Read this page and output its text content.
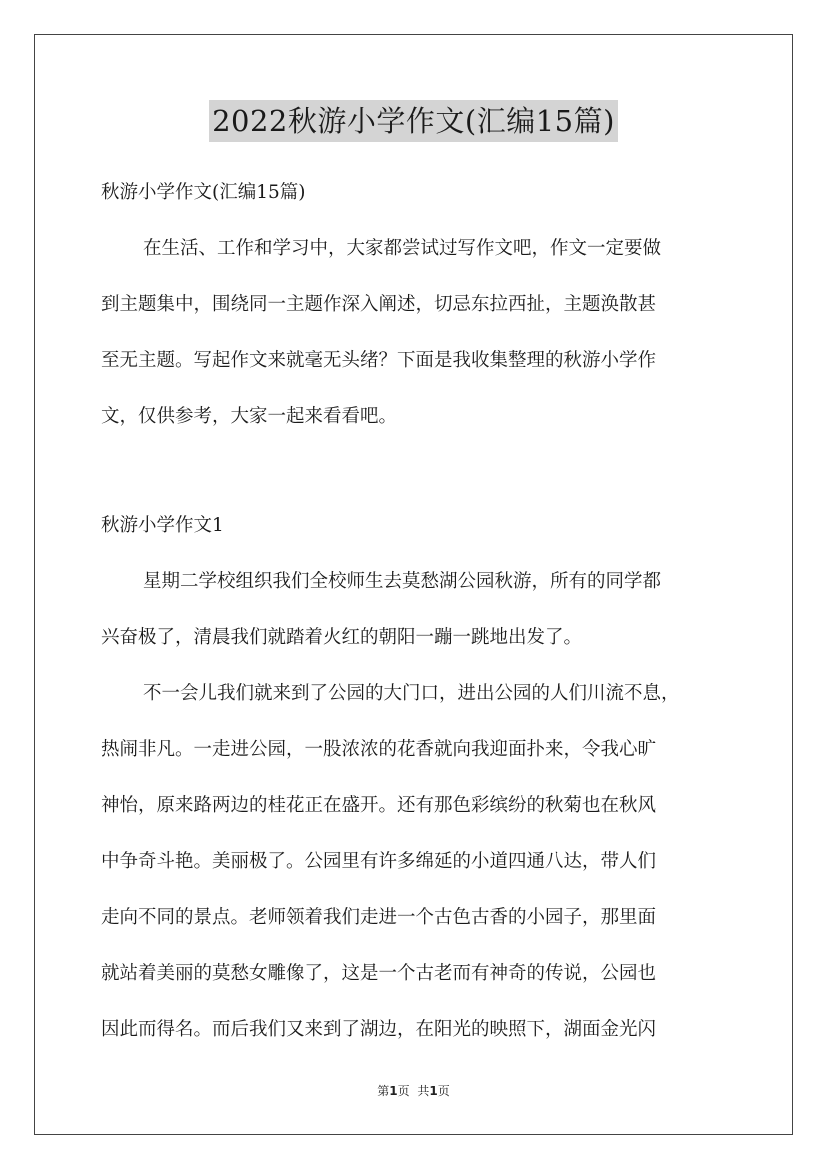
2022秋游小学作文(汇编15篇)
秋游小学作文(汇编15篇)
在生活、工作和学习中，大家都尝试过写作文吧，作文一定要做
到主题集中，围绕同一主题作深入阐述，切忌东拉西扯，主题涣散甚
至无主题。写起作文来就毫无头绪？下面是我收集整理的秋游小学作
文，仅供参考，大家一起来看看吧。
秋游小学作文1
星期二学校组织我们全校师生去莫愁湖公园秋游，所有的同学都
兴奋极了，清晨我们就踏着火红的朝阳一蹦一跳地出发了。
不一会儿我们就来到了公园的大门口，进出公园的人们川流不息，
热闹非凡。一走进公园，一股浓浓的花香就向我迎面扑来，令我心旷
神怡，原来路两边的桂花正在盛开。还有那色彩缤纷的秋菊也在秋风
中争奇斗艳。美丽极了。公园里有许多绵延的小道四通八达，带人们
走向不同的景点。老师领着我们走进一个古色古香的小园子，那里面
就站着美丽的莫愁女雕像了，这是一个古老而有神奇的传说，公园也
因此而得名。而后我们又来到了湖边，在阳光的映照下，湖面金光闪
第1页 共1页
